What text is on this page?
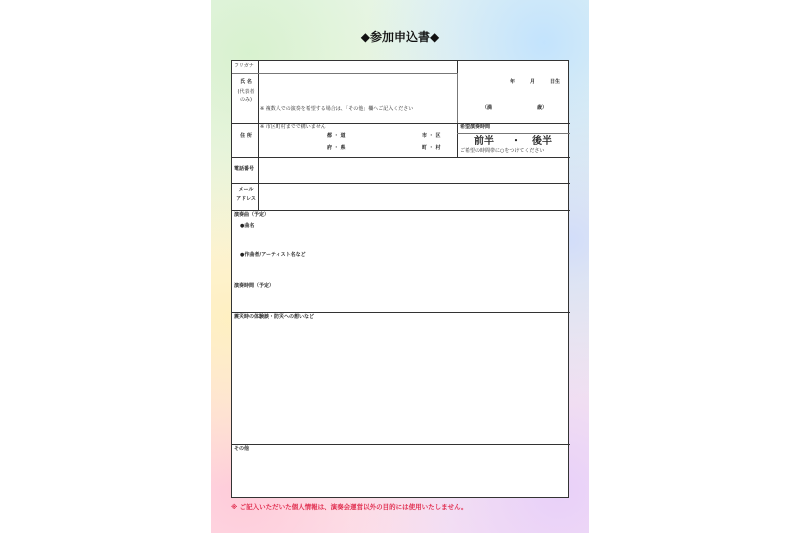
◆参加申込書◆
フリガナ
氏 名
(代表者
のみ)
※ 複数人での演奏を希望する場合は、「その他」欄へご記入ください
年	月	日生
（満	歳）
住 所
※ 市区町村までで構いません
都 ・ 道
府 ・ 県
市 ・ 区
町 ・ 村
希望演奏時間
前半 ・ 後半
ご希望の時間帯に○をつけてください
電話番号
メール
アドレス
演奏曲（予定）
●曲名
●作曲者/アーティスト名など
演奏時間（予定）
震災時の体験談・防災への想いなど
その他
※ ご記入いただいた個人情報は、演奏会運営以外の目的には使用いたしません。
